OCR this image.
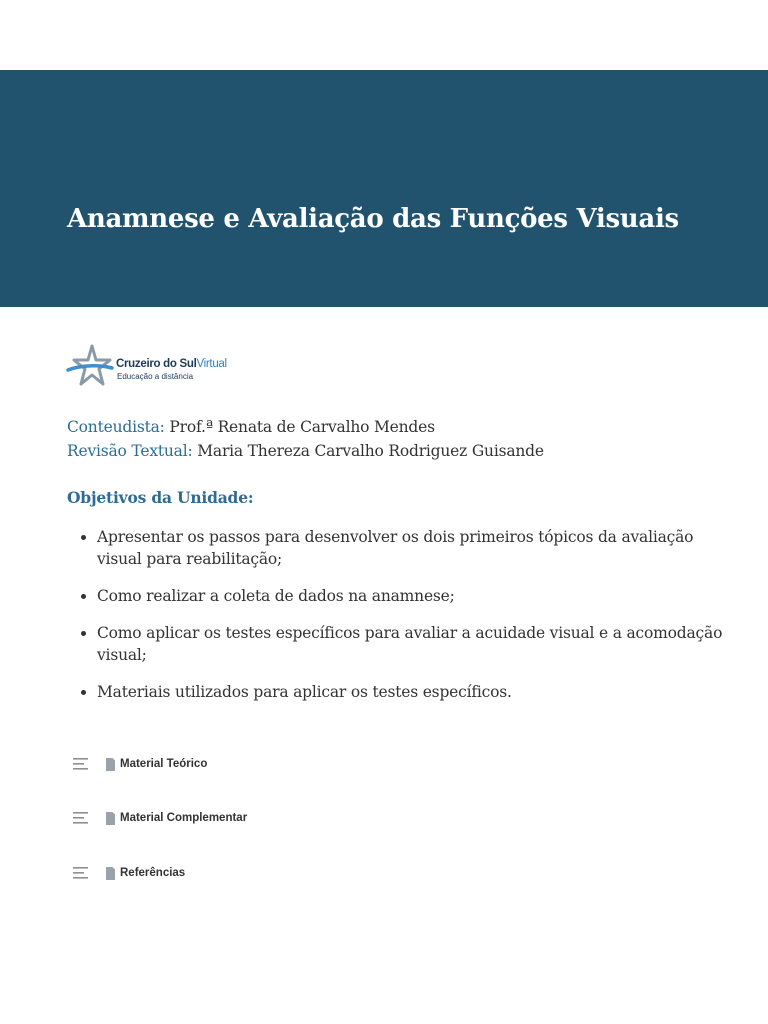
Anamnese e Avaliação das Funções Visuais
Cruzeiro do SulVirtual
Educação a distância
Conteudista: Prof.ª Renata de Carvalho Mendes
Revisão Textual: Maria Thereza Carvalho Rodriguez Guisande
Objetivos da Unidade:
• Apresentar os passos para desenvolver os dois primeiros tópicos da avaliação visual para reabilitação;
• Como realizar a coleta de dados na anamnese;
• Como aplicar os testes específicos para avaliar a acuidade visual e a acomodação visual;
• Materiais utilizados para aplicar os testes específicos.
Material Teórico
Material Complementar
Referências
